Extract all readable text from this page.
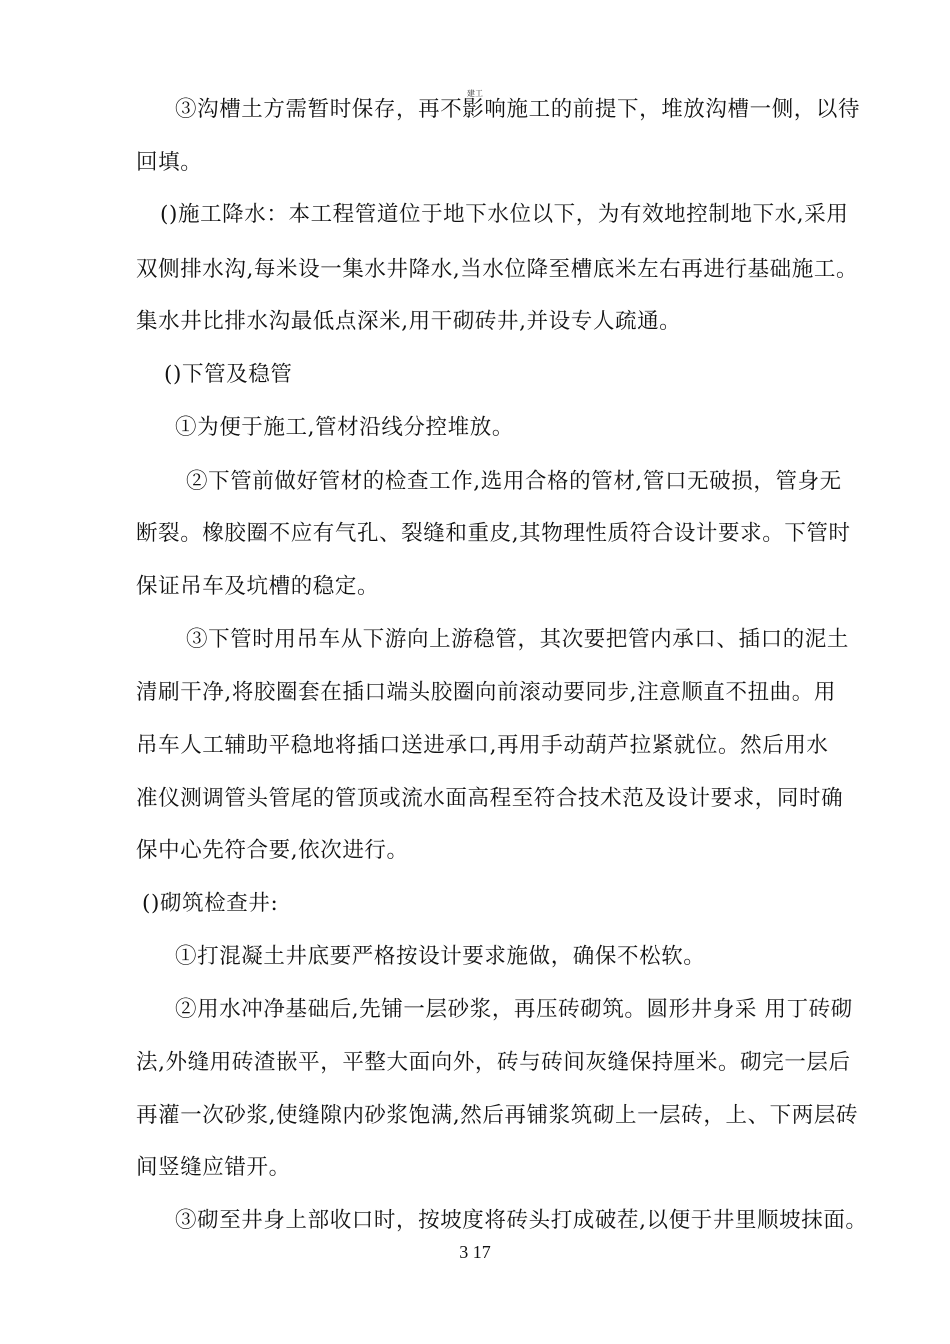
建工
③沟槽土方需暂时保存，再不影响施工的前提下，堆放沟槽一侧，以待
回填。
()施工降水：本工程管道位于地下水位以下，为有效地控制地下水,采用
双侧排水沟,每米设一集水井降水,当水位降至槽底米左右再进行基础施工。
集水井比排水沟最低点深米,用干砌砖井,并设专人疏通。
()下管及稳管
①为便于施工,管材沿线分控堆放。
②下管前做好管材的检查工作,选用合格的管材,管口无破损，管身无
断裂。橡胶圈不应有气孔、裂缝和重皮,其物理性质符合设计要求。下管时
保证吊车及坑槽的稳定。
③下管时用吊车从下游向上游稳管，其次要把管内承口、插口的泥土
清刷干净,将胶圈套在插口端头胶圈向前滚动要同步,注意顺直不扭曲。用
吊车人工辅助平稳地将插口送进承口,再用手动葫芦拉紧就位。然后用水
准仪测调管头管尾的管顶或流水面高程至符合技术范及设计要求，同时确
保中心先符合要,依次进行。
()砌筑检查井:
①打混凝土井底要严格按设计要求施做，确保不松软。
②用水冲净基础后,先铺一层砂浆，再压砖砌筑。圆形井身采 用丁砖砌
法,外缝用砖渣嵌平，平整大面向外，砖与砖间灰缝保持厘米。砌完一层后
再灌一次砂浆,使缝隙内砂浆饱满,然后再铺浆筑砌上一层砖，上、下两层砖
间竖缝应错开。
③砌至井身上部收口时，按坡度将砖头打成破茬,以便于井里顺坡抹面。
3 17
